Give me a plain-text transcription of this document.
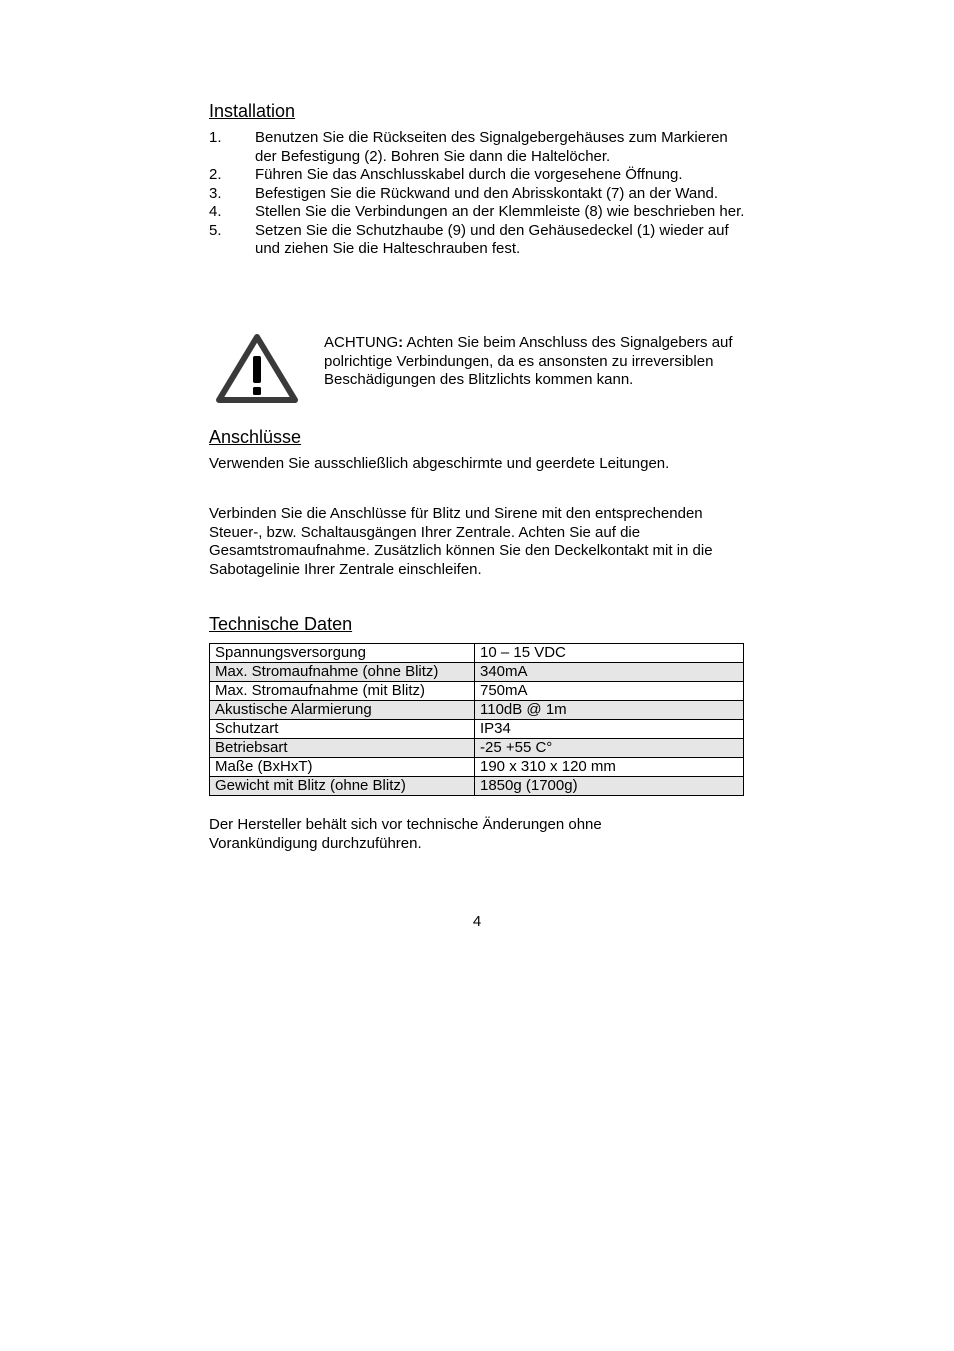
Installation
1. Benutzen Sie die Rückseiten des Signalgebergehäuses zum Markieren der Befestigung (2). Bohren Sie dann die Haltelöcher.
2. Führen Sie das Anschlusskabel durch die vorgesehene Öffnung.
3. Befestigen Sie die Rückwand und den Abrisskontakt (7) an der Wand.
4. Stellen Sie die Verbindungen an der Klemmleiste (8) wie beschrieben her.
5. Setzen Sie die Schutzhaube (9) und den Gehäusedeckel (1) wieder auf und ziehen Sie die Halteschrauben fest.
ACHTUNG: Achten Sie beim Anschluss des Signalgebers auf polrichtige Verbindungen, da es ansonsten zu irreversiblen Beschädigungen des Blitzlichts kommen kann.
Anschlüsse

Verwenden Sie ausschließlich abgeschirmte und geerdete Leitungen.

Verbinden Sie die Anschlüsse für Blitz und Sirene mit den entsprechenden Steuer-, bzw. Schaltausgängen Ihrer Zentrale. Achten Sie auf die Gesamtstromaufnahme. Zusätzlich können Sie den Deckelkontakt mit in die Sabotagelinie Ihrer Zentrale einschleifen.

Technische Daten
Spannungsversorgung	10 – 15 VDC
Max. Stromaufnahme (ohne Blitz)	340mA
Max. Stromaufnahme (mit Blitz)	750mA
Akustische Alarmierung	110dB @ 1m
Schutzart	IP34
Betriebsart	-25 +55 C°
Maße (BxHxT)	190 x 310 x 120 mm
Gewicht mit Blitz (ohne Blitz)	1850g (1700g)

Der Hersteller behält sich vor technische Änderungen ohne Vorankündigung durchzuführen.

4
